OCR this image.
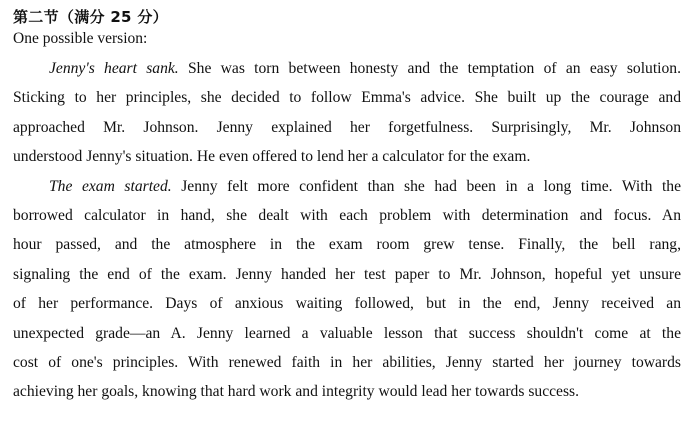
第二节（满分 25 分）
One possible version:
Jenny's heart sank. She was torn between honesty and the temptation of an easy solution.
Sticking to her principles, she decided to follow Emma's advice. She built up the courage and
approached Mr. Johnson. Jenny explained her forgetfulness. Surprisingly, Mr. Johnson
understood Jenny's situation. He even offered to lend her a calculator for the exam.
The exam started. Jenny felt more confident than she had been in a long time. With the
borrowed calculator in hand, she dealt with each problem with determination and focus. An
hour passed, and the atmosphere in the exam room grew tense. Finally, the bell rang,
signaling the end of the exam. Jenny handed her test paper to Mr. Johnson, hopeful yet unsure
of her performance. Days of anxious waiting followed, but in the end, Jenny received an
unexpected grade—an A. Jenny learned a valuable lesson that success shouldn't come at the
cost of one's principles. With renewed faith in her abilities, Jenny started her journey towards
achieving her goals, knowing that hard work and integrity would lead her towards success.
